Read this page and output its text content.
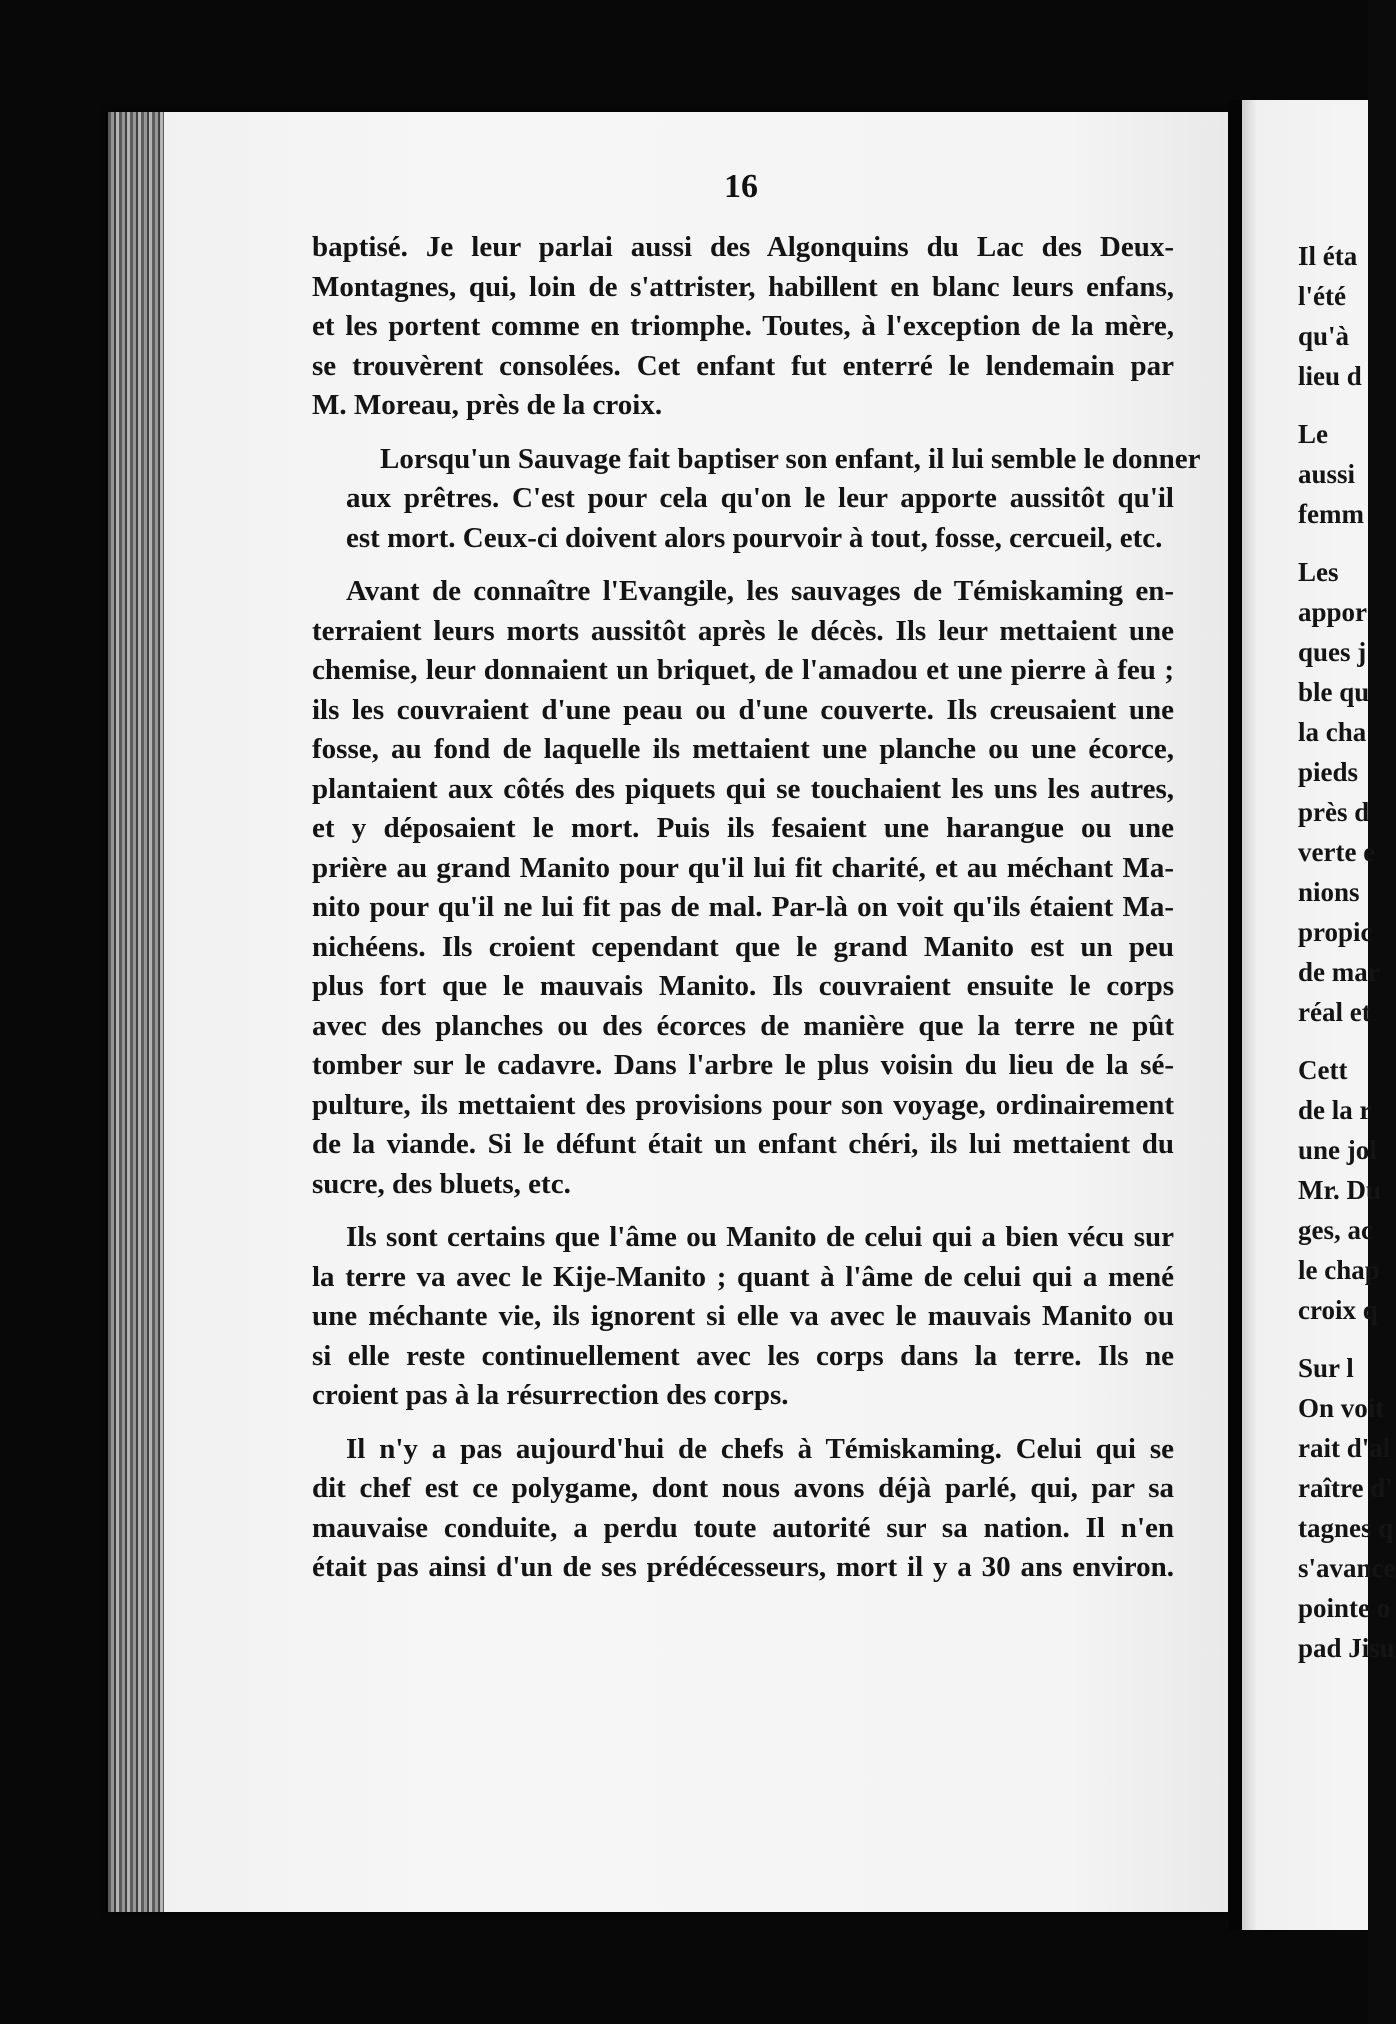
16
baptisé. Je leur parlai aussi des Algonquins du Lac des Deux-
Montagnes, qui, loin de s'attrister, habillent en blanc leurs enfans,
et les portent comme en triomphe. Toutes, à l'exception de la mère,
se trouvèrent consolées. Cet enfant fut enterré le lendemain par
M. Moreau, près de la croix.
Lorsqu'un Sauvage fait baptiser son enfant, il lui semble le donner
aux prêtres. C'est pour cela qu'on le leur apporte aussitôt qu'il
est mort. Ceux-ci doivent alors pourvoir à tout, fosse, cercueil, etc.
Avant de connaître l'Evangile, les sauvages de Témiskaming en-
terraient leurs morts aussitôt après le décès. Ils leur mettaient une
chemise, leur donnaient un briquet, de l'amadou et une pierre à feu ;
ils les couvraient d'une peau ou d'une couverte. Ils creusaient une
fosse, au fond de laquelle ils mettaient une planche ou une écorce,
plantaient aux côtés des piquets qui se touchaient les uns les autres,
et y déposaient le mort. Puis ils fesaient une harangue ou une
prière au grand Manito pour qu'il lui fit charité, et au méchant Ma-
nito pour qu'il ne lui fit pas de mal. Par-là on voit qu'ils étaient Ma-
nichéens. Ils croient cependant que le grand Manito est un peu
plus fort que le mauvais Manito. Ils couvraient ensuite le corps
avec des planches ou des écorces de manière que la terre ne pût
tomber sur le cadavre. Dans l'arbre le plus voisin du lieu de la sé-
pulture, ils mettaient des provisions pour son voyage, ordinairement
de la viande. Si le défunt était un enfant chéri, ils lui mettaient du
sucre, des bluets, etc.
Ils sont certains que l'âme ou Manito de celui qui a bien vécu sur
la terre va avec le Kije-Manito ; quant à l'âme de celui qui a mené
une méchante vie, ils ignorent si elle va avec le mauvais Manito ou
si elle reste continuellement avec les corps dans la terre. Ils ne
croient pas à la résurrection des corps.
Il n'y a pas aujourd'hui de chefs à Témiskaming. Celui qui se
dit chef est ce polygame, dont nous avons déjà parlé, qui, par sa
mauvaise conduite, a perdu toute autorité sur sa nation. Il n'en
était pas ainsi d'un de ses prédécesseurs, mort il y a 30 ans environ.
Il éta
l'été
qu'à
lieu d
Le
aussi
femm
Les
appor
ques j
ble qu
la cha
pieds
près d
verte e
nions
propic
de mar
réal et
Cett
de la r
une jol
Mr. Du
ges, ac
le chap
croix q
Sur l
On voit
rait d'al
raître d'
tagnes q
s'avance
pointe o
pad Jisu
